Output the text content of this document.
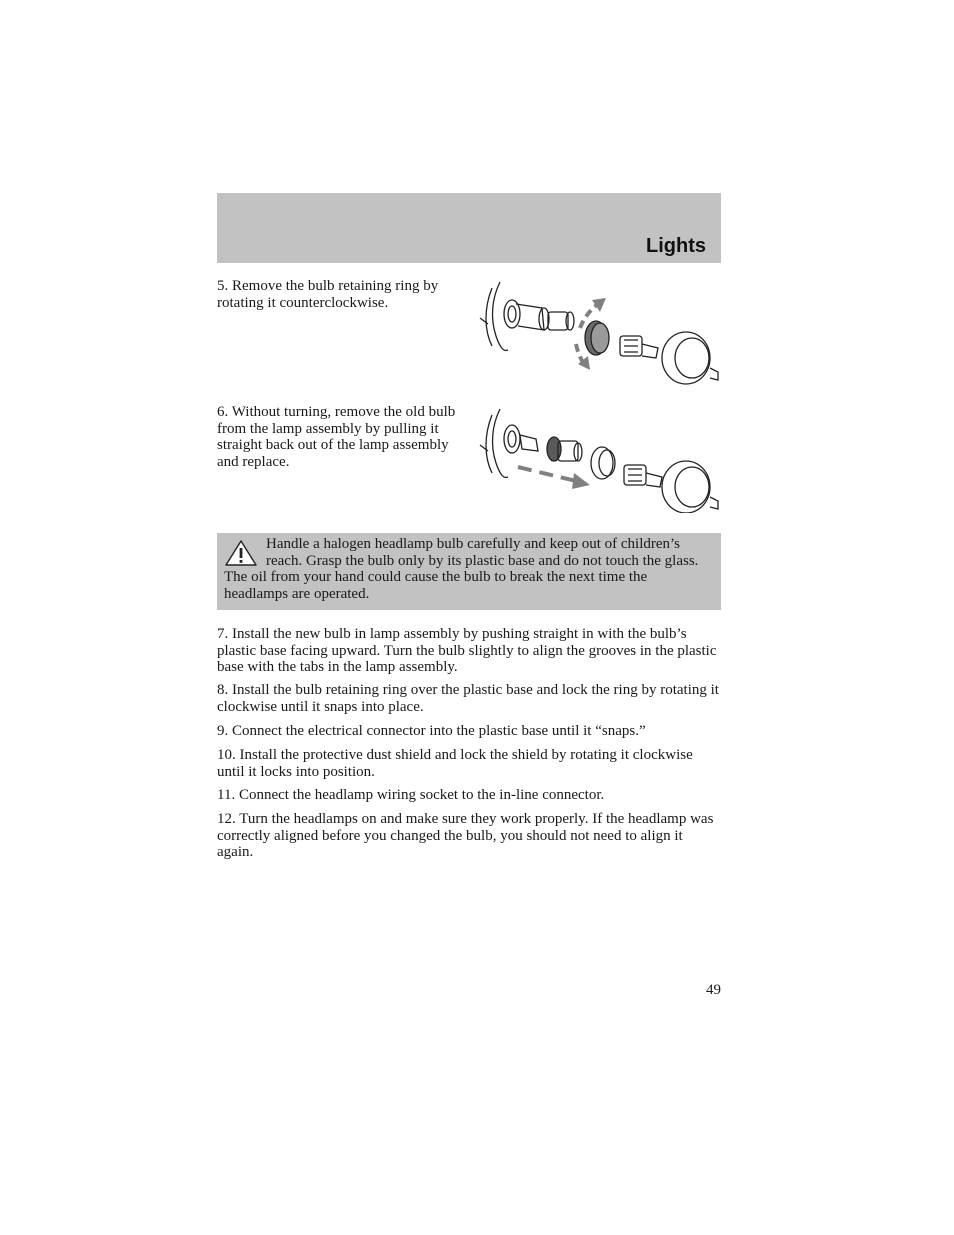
Lights

5. Remove the bulb retaining ring by rotating it counterclockwise.

6. Without turning, remove the old bulb from the lamp assembly by pulling it straight back out of the lamp assembly and replace.

Handle a halogen headlamp bulb carefully and keep out of children’s reach. Grasp the bulb only by its plastic base and do not touch the glass. The oil from your hand could cause the bulb to break the next time the headlamps are operated.

7. Install the new bulb in lamp assembly by pushing straight in with the bulb’s plastic base facing upward. Turn the bulb slightly to align the grooves in the plastic base with the tabs in the lamp assembly.

8. Install the bulb retaining ring over the plastic base and lock the ring by rotating it clockwise until it snaps into place.

9. Connect the electrical connector into the plastic base until it “snaps.”

10. Install the protective dust shield and lock the shield by rotating it clockwise until it locks into position.

11. Connect the headlamp wiring socket to the in-line connector.

12. Turn the headlamps on and make sure they work properly. If the headlamp was correctly aligned before you changed the bulb, you should not need to align it again.

49
